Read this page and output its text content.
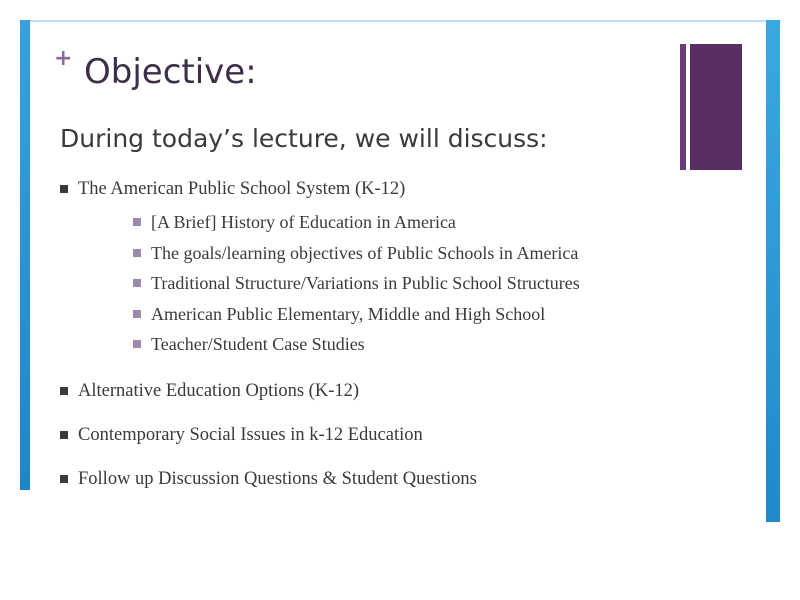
+ Objective:
During today’s lecture, we will discuss:
The American Public School System (K-12)
[A Brief] History of Education in America
The goals/learning objectives of Public Schools in America
Traditional Structure/Variations in Public School Structures
American Public Elementary, Middle and High School
Teacher/Student Case Studies
Alternative Education Options (K-12)
Contemporary Social Issues in k-12 Education
Follow up Discussion Questions & Student Questions
